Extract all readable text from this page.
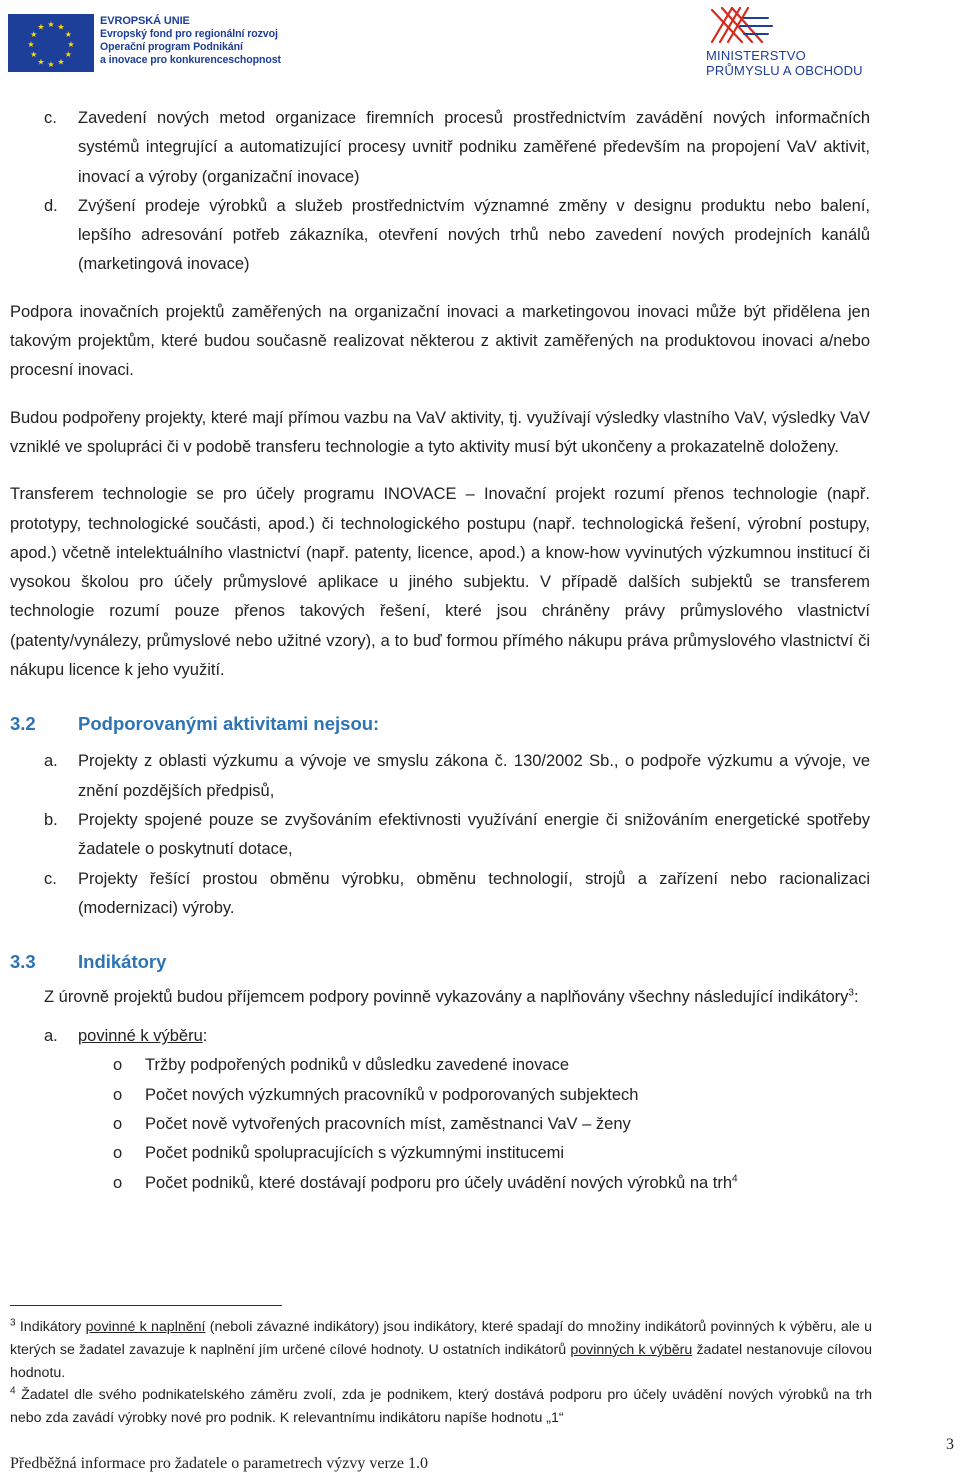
★ ★
★
★
★
★
★
★
★
★
★
★
EVROPSKÁ UNIE
Evropský fond pro regionální rozvoj
Operační program Podnikání
a inovace pro konkurenceschopnost	MINISTERSTVO
PRŮMYSLU A OBCHODU
c. Zavedení nových metod organizace firemních procesů prostřednictvím zavádění nových informačních systémů integrující a automatizující procesy uvnitř podniku zaměřené především na propojení VaV aktivit, inovací a výroby (organizační inovace)
d. Zvýšení prodeje výrobků a služeb prostřednictvím významné změny v designu produktu nebo balení, lepšího adresování potřeb zákazníka, otevření nových trhů nebo zavedení nových prodejních kanálů (marketingová inovace)

Podpora inovačních projektů zaměřených na organizační inovaci a marketingovou inovaci může být přidělena jen takovým projektům, které budou současně realizovat některou z aktivit zaměřených na produktovou inovaci a/nebo procesní inovaci.

Budou podpořeny projekty, které mají přímou vazbu na VaV aktivity, tj. využívají výsledky vlastního VaV, výsledky VaV vzniklé ve spolupráci či v podobě transferu technologie a tyto aktivity musí být ukončeny a prokazatelně doloženy.

Transferem technologie se pro účely programu INOVACE – Inovační projekt rozumí přenos technologie (např. prototypy, technologické součásti, apod.) či technologického postupu (např. technologická řešení, výrobní postupy, apod.) včetně intelektuálního vlastnictví (např. patenty, licence, apod.) a know-how vyvinutých výzkumnou institucí či vysokou školou pro účely průmyslové aplikace u jiného subjektu. V případě dalších subjektů se transferem technologie rozumí pouze přenos takových řešení, které jsou chráněny právy průmyslového vlastnictví (patenty/vynálezy, průmyslové nebo užitné vzory), a to buď formou přímého nákupu práva průmyslového vlastnictví či nákupu licence k jeho využití.

3.2 Podporovanými aktivitami nejsou:
a. Projekty z oblasti výzkumu a vývoje ve smyslu zákona č. 130/2002 Sb., o podpoře výzkumu a vývoje, ve znění pozdějších předpisů,
b. Projekty spojené pouze se zvyšováním efektivnosti využívání energie či snižováním energetické spotřeby žadatele o poskytnutí dotace,
c. Projekty řešící prostou obměnu výrobku, obměnu technologií, strojů a zařízení nebo racionalizaci (modernizaci) výroby.
3.3 Indikátory

Z úrovně projektů budou příjemcem podpory povinně vykazovány a naplňovány všechny následující indikátory$^3$:

a. povinné k výběru:
o Tržby podpořených podniků v důsledku zavedené inovace
o Počet nových výzkumných pracovníků v podporovaných subjektech
o Počet nově vytvořených pracovních míst, zaměstnanci VaV – ženy
o Počet podniků spolupracujících s výzkumnými institucemi
o Počet podniků, které dostávají podporu pro účely uvádění nových výrobků na trh$^4$
$^3$ Indikátory povinné k naplnění (neboli závazné indikátory) jsou indikátory, které spadají do množiny indikátorů povinných k výběru, ale u kterých se žadatel zavazuje k naplnění jím určené cílové hodnoty. U ostatních indikátorů povinných k výběru žadatel nestanovuje cílovou hodnotu.
$^4$ Žadatel dle svého podnikatelského záměru zvolí, zda je podnikem, který dostává podporu pro účely uvádění nových výrobků na trh nebo zda zavádí výrobky nové pro podnik. K relevantnímu indikátoru napíše hodnotu „1“
Předběžná informace pro žadatele o parametrech výzvy verze 1.0
3
